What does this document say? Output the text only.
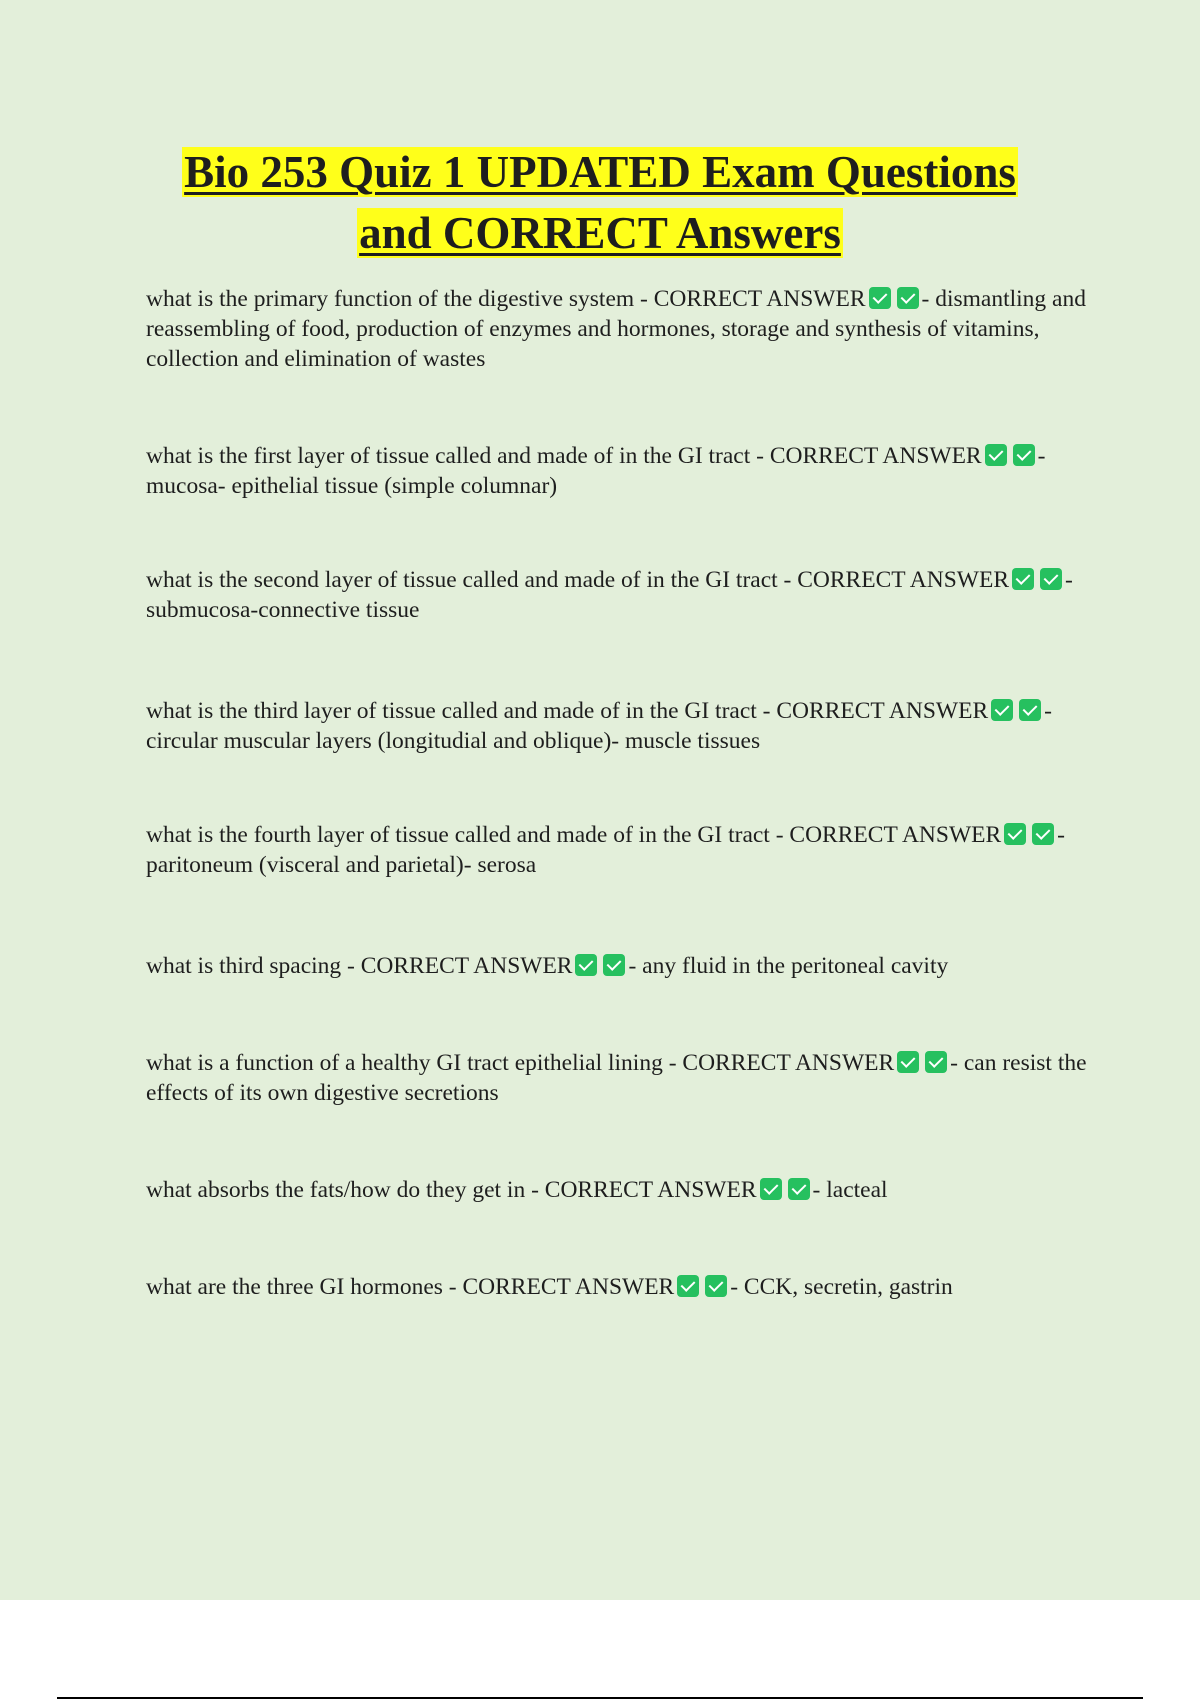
Bio 253 Quiz 1 UPDATED Exam Questions
and CORRECT Answers

what is the primary function of the digestive system - CORRECT ANSWER - dismantling and reassembling of food, production of enzymes and hormones, storage and synthesis of vitamins, collection and elimination of wastes

what is the first layer of tissue called and made of in the GI tract - CORRECT ANSWER - mucosa- epithelial tissue (simple columnar)

what is the second layer of tissue called and made of in the GI tract - CORRECT ANSWER - submucosa-connective tissue

what is the third layer of tissue called and made of in the GI tract - CORRECT ANSWER - circular muscular layers (longitudial and oblique)- muscle tissues

what is the fourth layer of tissue called and made of in the GI tract - CORRECT ANSWER - paritoneum (visceral and parietal)- serosa

what is third spacing - CORRECT ANSWER - any fluid in the peritoneal cavity

what is a function of a healthy GI tract epithelial lining - CORRECT ANSWER - can resist the effects of its own digestive secretions

what absorbs the fats/how do they get in - CORRECT ANSWER - lacteal

what are the three GI hormones - CORRECT ANSWER - CCK, secretin, gastrin
